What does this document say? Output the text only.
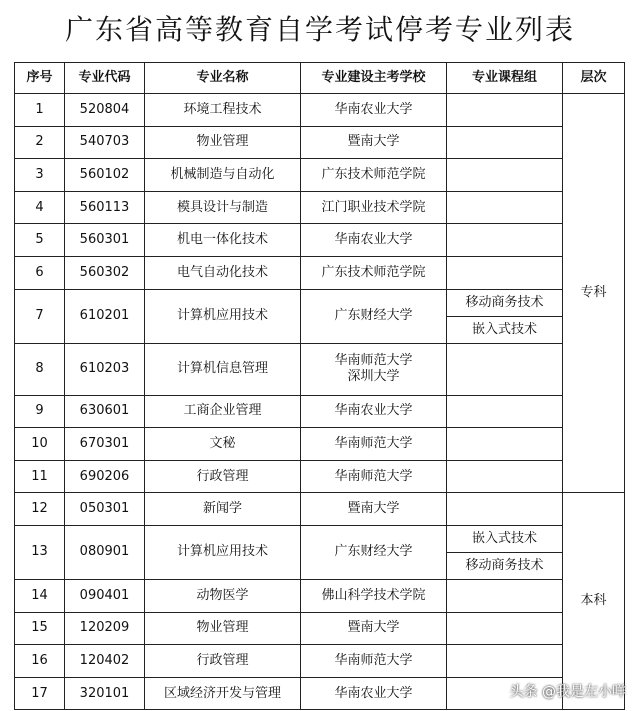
广东省高等教育自学考试停考专业列表
序号	专业代码	专业名称	专业建设主考学校	专业课程组	层次
1	520804	环境工程技术	华南农业大学		专科
2	540703	物业管理	暨南大学		

3	560102	机械制造与自动化	广东技术师范学院		

4	560113	模具设计与制造	江门职业技术学院		

5	560301	机电一体化技术	华南农业大学		

6	560302	电气自动化技术	广东技术师范学院		

7	610201	计算机应用技术	广东财经大学	移动商务技术
嵌入式技术	

8	610203	计算机信息管理	华南师范大学
深圳大学		

9	630601	工商企业管理	华南农业大学		

10	670301	文秘	华南师范大学		

11	690206	行政管理	华南师范大学		

12	050301	新闻学	暨南大学		本科
13	080901	计算机应用技术	广东财经大学	嵌入式技术
移动商务技术	

14	090401	动物医学	佛山科学技术学院		

15	120209	物业管理	暨南大学		

16	120402	行政管理	华南师范大学		

17	320101	区域经济开发与管理	华南农业大学		
		头条 @我是左小咩
